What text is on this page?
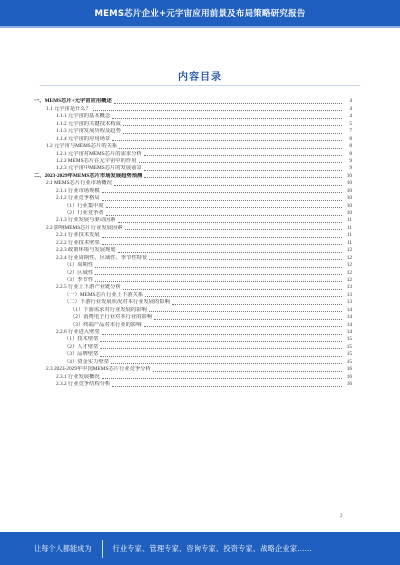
MEMS芯片企业+元宇宙应用前景及布局策略研究报告
内容目录
一、MEMS芯片+元宇宙应用概述	4
1.1 元宇宙是什么？	4
1.1.1 元宇宙的基本概念	4
1.1.2 元宇宙的关键技术构成	5
1.1.3 元宇宙发展历程及趋势	7
1.1.4 元宇宙的应用场景	8
1.2 元宇宙与MEMS芯片的关系	8
1.2.1 元宇宙对MEMS芯片的需求分析	8
1.2.2 MEMS芯片在元宇宙中的作用	9
1.2.3 元宇宙中MEMS芯片的发展前景	9
二、2023-2029年MEMS芯片市场发展趋势预测	10
2.1 MEMS芯片行业市场概况	10
2.1.1 行业市场规模	10
2.1.2 行业竞争格局	10
（1）行业集中度	10
（2）行业竞争者	10
2.1.3 行业发展与驱动因素	11
2.2 影响MEMS芯片行业发展因素	11
2.2.1 行业技术发展	11
2.2.2 行业技术壁垒	11
2.2.3 政策环境与发展规划	12
2.2.4 行业周期性、区域性、季节性特征	12
（1）周期性	12
（2）区域性	12
（3）季节性	12
2.2.5 行业上下游产业链分析	13
（一）MEMS芯片行业上下游关系	13
（二）下游行业发展状况对本行业发展的影响	13
（1）下游需求对行业发展的影响	14
（2）消费电子行业对本行业的影响	14
（3）终端产品对本行业的影响	14
2.2.6 行业进入壁垒	14
（1）技术壁垒	15
（2）人才壁垒	15
（3）品牌壁垒	15
（4）资金实力壁垒	15
2.3 2023-2029年中国MEMS芯片行业竞争分析	16
2.3.1 行业发展概况	16
2.3.2 行业竞争结构分析	16
2
让每个人都能成为	行业专家、管理专家、咨询专家、投资专家、战略企业家……
